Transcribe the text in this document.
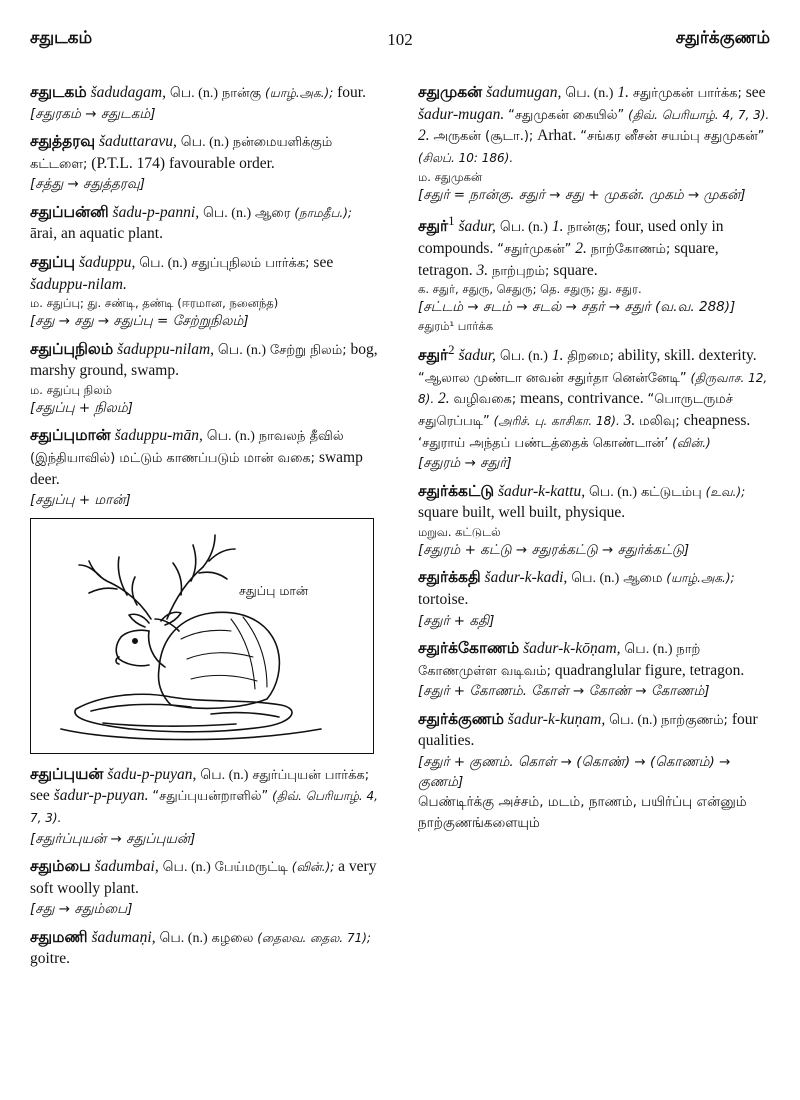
சதுடகம்	102	சதுர்க்குணம்

சதுடகம் šadudagam, பெ. (n.) நான்கு (யாழ்.அக.); four.

[சதுரகம் → சதுடகம்]

சதுத்தரவு šaduttaravu, பெ. (n.) நன்மையளிக்கும் கட்டளை; (P.T.L. 174) favourable order.

[சத்து → சதுத்தரவு]

சதுப்பன்னி šadu-p-panni, பெ. (n.) ஆரை (நாமதீப.); ārai, an aquatic plant.

சதுப்பு šaduppu, பெ. (n.) சதுப்புநிலம் பார்க்க; see šaduppu-nilam.

ம. சதுப்பு; து. சண்டி, தண்டி (ஈரமான, நனைந்த)

[சது → சது → சதுப்பு = சேற்றுநிலம்]

சதுப்புநிலம் šaduppu-nilam, பெ. (n.) சேற்று நிலம்; bog, marshy ground, swamp.

ம. சதுப்பு நிலம்

[சதுப்பு + நிலம்]

சதுப்புமான் šaduppu-mān, பெ. (n.) நாவலந் தீவில் (இந்தியாவில்) மட்டும் காணப்படும் மான் வகை; swamp deer.

[சதுப்பு + மான்]

சதுப்பு மான்

சதுப்புயன் šadu-p-puyan, பெ. (n.) சதுர்ப்புயன் பார்க்க; see šadur-p-puyan. “சதுப்புயன்றாளில்” (திவ். பெரியாழ். 4, 7, 3).

[சதுர்ப்புயன் → சதுப்புயன்]

சதும்பை šadumbai, பெ. (n.) பேய்மருட்டி (வின்.); a very soft woolly plant.

[சது → சதும்பை]

சதுமணி šadumaṇi, பெ. (n.) கழலை (தைலவ. தைல. 71); goitre.

சதுமுகன் šadumugan, பெ. (n.) 1. சதுர்முகன் பார்க்க; see šadur-mugan. “சதுமுகன் கையில்” (திவ். பெரியாழ். 4, 7, 3). 2. அருகன் (சூடா.); Arhat. “சங்கர னீசன் சயம்பு சதுமுகன்” (சிலப். 10: 186).

ம. சதுமுகன்

[சதுர் = நான்கு. சதுர் → சது + முகன். முகம் → முகன்]

சதுர்$^1$ šadur, பெ. (n.) 1. நான்கு; four, used only in compounds. “சதுர்முகன்” 2. நாற்கோணம்; square, tetragon. 3. நாற்புறம்; square.

க. சதுர், சதுரு, செதுரு; தெ. சதுரு; து. சதுர.

[சட்டம் → சடம் → சடல் → சதர் → சதுர் (வ.வ. 288)]

சதுரம்¹ பார்க்க

சதுர்$^2$ šadur, பெ. (n.) 1. திறமை; ability, skill. dexterity. “ஆலால முண்டா னவன் சதுர்தா னென்னேடி” (திருவாச. 12, 8). 2. வழிவகை; means, contrivance. “பொருடருமச் சதுரெப்படி” (அரிச். பு. காசிகா. 18). 3. மலிவு; cheapness. ‘சதுராய் அந்தப் பண்டத்தைக் கொண்டான்’ (வின்.)

[சதுரம் → சதுர்]

சதுர்க்கட்டு šadur-k-kattu, பெ. (n.) கட்டுடம்பு (உவ.); square built, well built, physique.

மறுவ. கட்டுடல்

[சதுரம் + கட்டு → சதுரக்கட்டு → சதுர்க்கட்டு]

சதுர்க்கதி šadur-k-kadi, பெ. (n.) ஆமை (யாழ்.அக.); tortoise.

[சதுர் + கதி]

சதுர்க்கோணம் šadur-k-kōṇam, பெ. (n.) நாற் கோணமுள்ள வடிவம்; quadranglular figure, tetragon.

[சதுர் + கோணம். கோள் → கோண் → கோணம்]

சதுர்க்குணம் šadur-k-kuṇam, பெ. (n.) நாற்குணம்; four qualities.

[சதுர் + குணம். கொள் → (கொண்) → (கொணம்) → குணம்]

பெண்டிர்க்கு அச்சம், மடம், நாணம், பயிர்ப்பு என்னும் நாற்குணங்களையும்
